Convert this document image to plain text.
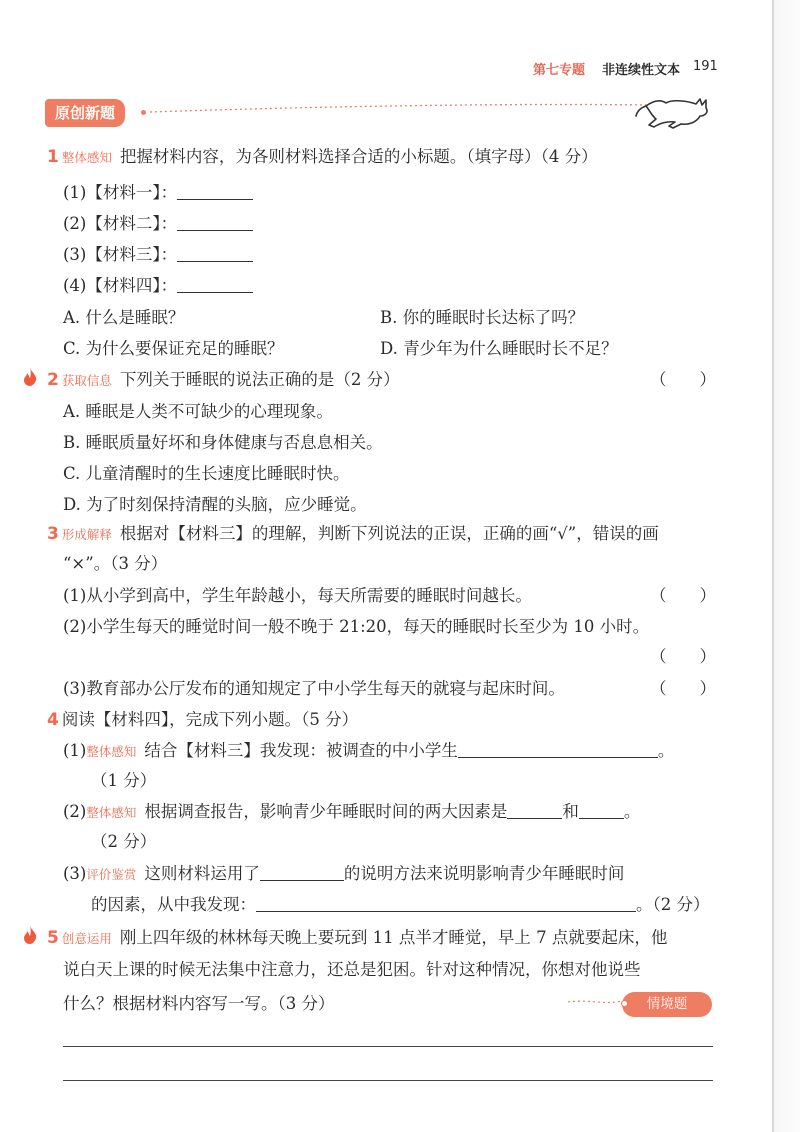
第七专题 非连续性文本 191
原创新题
1 整体感知 把握材料内容，为各则材料选择合适的小标题。（填字母）（4 分）
(1)【材料一】：
(2)【材料二】：
(3)【材料三】：
(4)【材料四】：
A. 什么是睡眠？	B. 你的睡眠时长达标了吗？
C. 为什么要保证充足的睡眠？	D. 青少年为什么睡眠时长不足？
2 获取信息 下列关于睡眠的说法正确的是（2 分）	（　　）
A. 睡眠是人类不可缺少的心理现象。
B. 睡眠质量好坏和身体健康与否息息相关。
C. 儿童清醒时的生长速度比睡眠时快。
D. 为了时刻保持清醒的头脑，应少睡觉。
3 形成解释 根据对【材料三】的理解，判断下列说法的正误，正确的画“√”，错误的画
“×”。（3 分）
(1)从小学到高中，学生年龄越小，每天所需要的睡眠时间越长。	（　　）
(2)小学生每天的睡觉时间一般不晚于 21:20，每天的睡眠时长至少为 10 小时。
（　　）
(3)教育部办公厅发布的通知规定了中小学生每天的就寝与起床时间。	（　　）
4 阅读【材料四】，完成下列小题。（5 分）
(1)整体感知 结合【材料三】我发现：被调查的中小学生	。
（1 分）
(2)整体感知 根据调查报告，影响青少年睡眠时间的两大因素是	和	。
（2 分）
(3)评价鉴赏 这则材料运用了	的说明方法来说明影响青少年睡眠时间
的因素，从中我发现：	。（2 分）
5 创意运用 刚上四年级的林林每天晚上要玩到 11 点半才睡觉，早上 7 点就要起床，他
说白天上课的时候无法集中注意力，还总是犯困。针对这种情况，你想对他说些
什么？根据材料内容写一写。（3 分）	情境题
